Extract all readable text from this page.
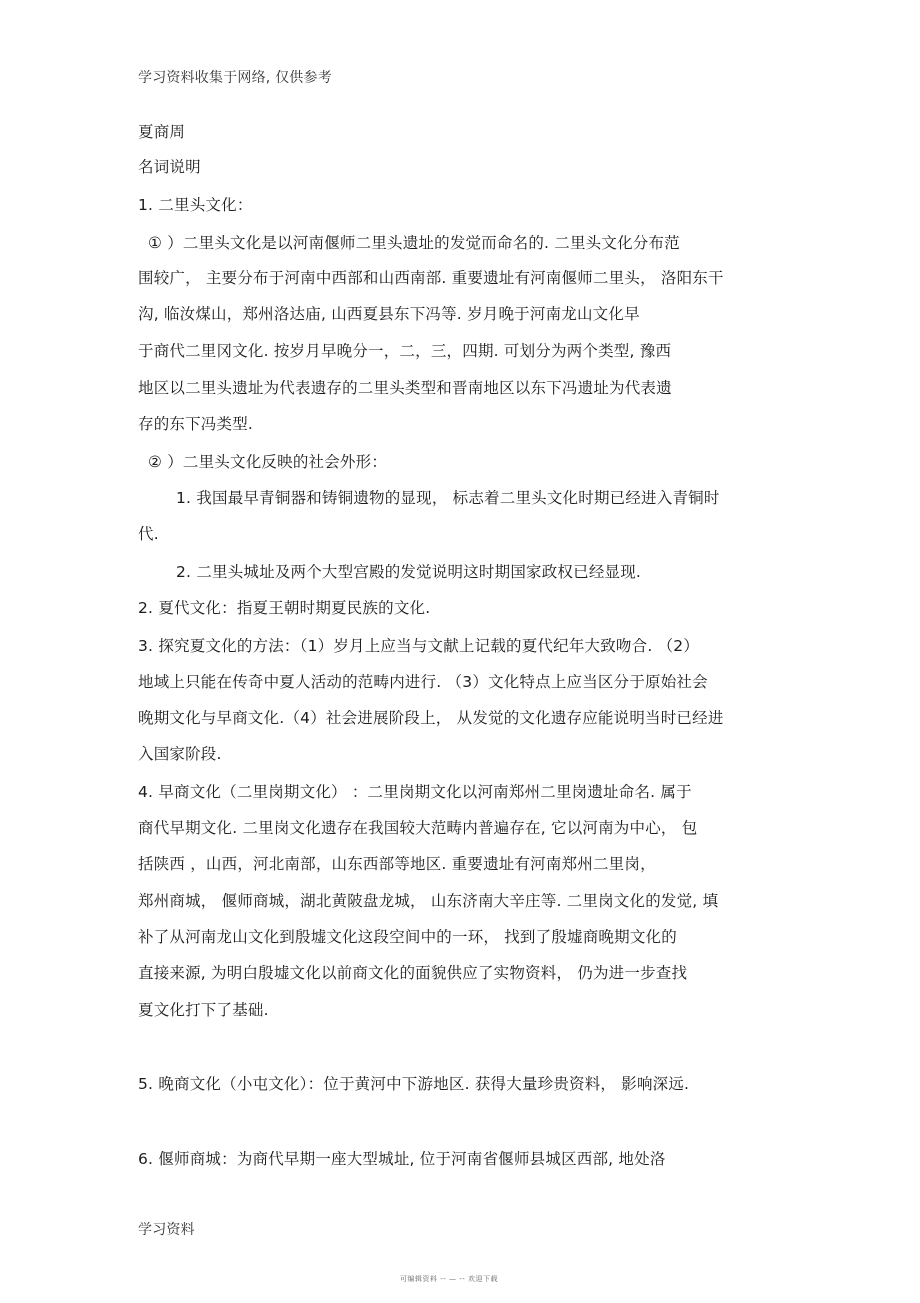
学习资料收集于网络, 仅供参考
夏商周
名词说明
1. 二里头文化：
① ）二里头文化是以河南偃师二里头遗址的发觉而命名的. 二里头文化分布范
围较广， 主要分布于河南中西部和山西南部. 重要遗址有河南偃师二里头， 洛阳东干
沟, 临汝煤山，郑州洛达庙, 山西夏县东下冯等. 岁月晚于河南龙山文化早
于商代二里冈文化. 按岁月早晚分一，二，三，四期. 可划分为两个类型, 豫西
地区以二里头遗址为代表遗存的二里头类型和晋南地区以东下冯遗址为代表遗
存的东下冯类型.
② ）二里头文化反映的社会外形：
1. 我国最早青铜器和铸铜遗物的显现， 标志着二里头文化时期已经进入青铜时
代.
2. 二里头城址及两个大型宫殿的发觉说明这时期国家政权已经显现.
2. 夏代文化：指夏王朝时期夏民族的文化.
3. 探究夏文化的方法：（1）岁月上应当与文献上记载的夏代纪年大致吻合. （2）
地域上只能在传奇中夏人活动的范畴内进行. （3）文化特点上应当区分于原始社会
晚期文化与早商文化.（4）社会进展阶段上， 从发觉的文化遗存应能说明当时已经进
入国家阶段.
4. 早商文化（二里岗期文化） ：二里岗期文化以河南郑州二里岗遗址命名. 属于
商代早期文化. 二里岗文化遗存在我国较大范畴内普遍存在, 它以河南为中心， 包
括陕西 ，山西，河北南部，山东西部等地区. 重要遗址有河南郑州二里岗，
郑州商城， 偃师商城，湖北黄陂盘龙城， 山东济南大辛庄等. 二里岗文化的发觉, 填
补了从河南龙山文化到殷墟文化这段空间中的一环， 找到了殷墟商晚期文化的
直接来源, 为明白殷墟文化以前商文化的面貌供应了实物资料， 仍为进一步查找
夏文化打下了基础.
5. 晚商文化（小屯文化）：位于黄河中下游地区. 获得大量珍贵资料， 影响深远.
6. 偃师商城：为商代早期一座大型城址, 位于河南省偃师县城区西部, 地处洛
学习资料
可编辑资料 -- — -- 欢迎下载
